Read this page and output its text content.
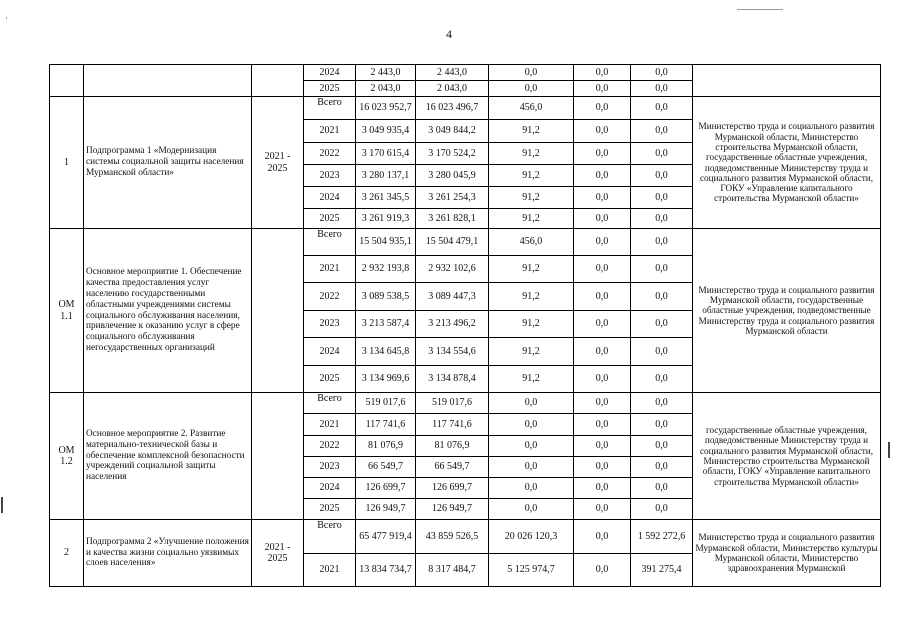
‘
4
			2024	2 443,0	2 443,0	0,0	0,0	0,0	
			2025	2 043,0	2 043,0	0,0	0,0	0,0	
1	Подпрограмма 1 «Модернизация системы социальной защиты населения Мурманской области»	2021 - 2025	Всего	16 023 952,7	16 023 496,7	456,0	0,0	0,0	Министерство труда и социального развития Мурманской области, Министерство строительства Мурманской области, государственные областные учреждения, подведомственные Министерству труда и социального развития Мурманской области, ГОКУ «Управление капитального строительства Мурманской области»
			2021	3 049 935,4	3 049 844,2	91,2	0,0	0,0	
			2022	3 170 615,4	3 170 524,2	91,2	0,0	0,0	
			2023	3 280 137,1	3 280 045,9	91,2	0,0	0,0	
			2024	3 261 345,5	3 261 254,3	91,2	0,0	0,0	
			2025	3 261 919,3	3 261 828,1	91,2	0,0	0,0	
ОМ 1.1	Основное мероприятие 1. Обеспечение качества предоставления услуг населению государственными областными учреждениями системы социального обслуживания населения, привлечение к оказанию услуг в сфере социального обслуживания негосударственных организаций		Всего	15 504 935,1	15 504 479,1	456,0	0,0	0,0	Министерство труда и социального развития Мурманской области, государственные областные учреждения, подведомственные Министерству труда и социального развития Мурманской области
			2021	2 932 193,8	2 932 102,6	91,2	0,0	0,0	
			2022	3 089 538,5	3 089 447,3	91,2	0,0	0,0	
			2023	3 213 587,4	3 213 496,2	91,2	0,0	0,0	
			2024	3 134 645,8	3 134 554,6	91,2	0,0	0,0	
			2025	3 134 969,6	3 134 878,4	91,2	0,0	0,0	
ОМ 1.2	Основное мероприятие 2. Развитие материально-технической базы и обеспечение комплексной безопасности учреждений социальной защиты населения		Всего	519 017,6	519 017,6	0,0	0,0	0,0	государственные областные учреждения, подведомственные Министерству труда и социального развития Мурманской области, Министерство строительства Мурманской области, ГОКУ «Управление капитального строительства Мурманской области»
			2021	117 741,6	117 741,6	0,0	0,0	0,0	
			2022	81 076,9	81 076,9	0,0	0,0	0,0	
			2023	66 549,7	66 549,7	0,0	0,0	0,0	
			2024	126 699,7	126 699,7	0,0	0,0	0,0	
			2025	126 949,7	126 949,7	0,0	0,0	0,0	
2	Подпрограмма 2 «Улучшение положения и качества жизни социально уязвимых слоев населения»	2021 - 2025	Всего	65 477 919,4	43 859 526,5	20 026 120,3	0,0	1 592 272,6	Министерство труда и социального развития Мурманской области, Министерство культуры Мурманской области, Министерство здравоохранения Мурманской
			2021	13 834 734,7	8 317 484,7	5 125 974,7	0,0	391 275,4	
